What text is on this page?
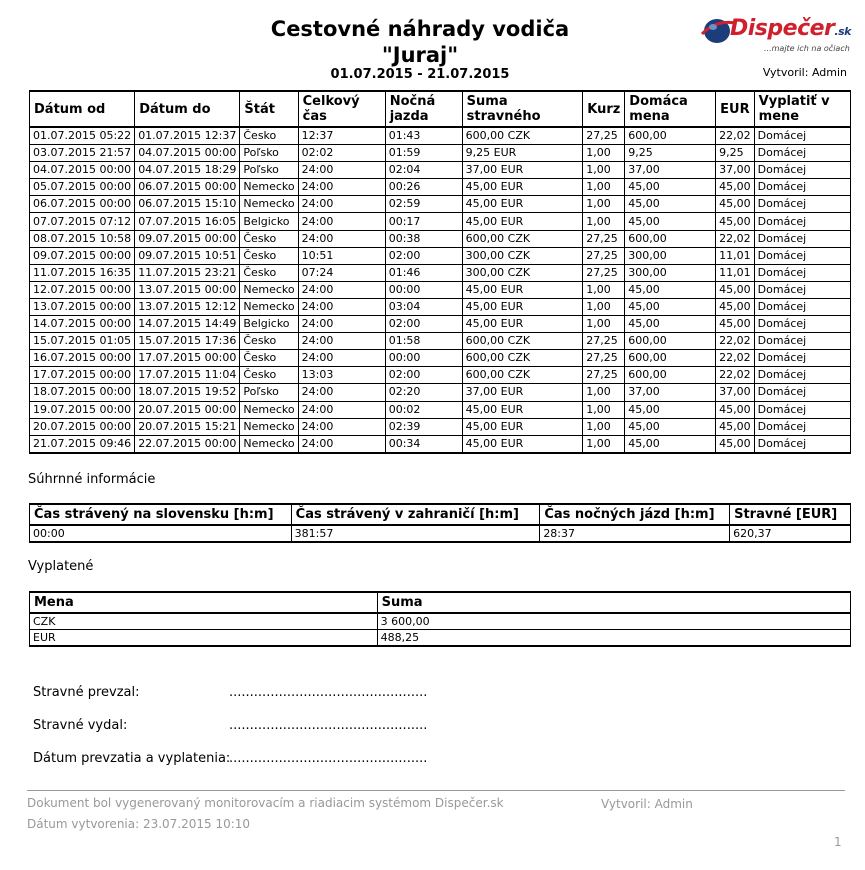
Cestovné náhrady vodiča
"Juraj"
01.07.2015 - 21.07.2015
Dispečer.sk
...majte ich na očiach
Vytvoril: Admin
Dátum od	Dátum do	Štát	Celkový čas	Nočná jazda	Suma stravného	Kurz	Domáca mena	EUR	Vyplatiť v mene
01.07.2015 05:22	01.07.2015 12:37	Česko	12:37	01:43	600,00 CZK	27,25	600,00	22,02	Domácej
03.07.2015 21:57	04.07.2015 00:00	Poľsko	02:02	01:59	9,25 EUR	1,00	9,25	9,25	Domácej
04.07.2015 00:00	04.07.2015 18:29	Poľsko	24:00	02:04	37,00 EUR	1,00	37,00	37,00	Domácej
05.07.2015 00:00	06.07.2015 00:00	Nemecko	24:00	00:26	45,00 EUR	1,00	45,00	45,00	Domácej
06.07.2015 00:00	06.07.2015 15:10	Nemecko	24:00	02:59	45,00 EUR	1,00	45,00	45,00	Domácej
07.07.2015 07:12	07.07.2015 16:05	Belgicko	24:00	00:17	45,00 EUR	1,00	45,00	45,00	Domácej
08.07.2015 10:58	09.07.2015 00:00	Česko	24:00	00:38	600,00 CZK	27,25	600,00	22,02	Domácej
09.07.2015 00:00	09.07.2015 10:51	Česko	10:51	02:00	300,00 CZK	27,25	300,00	11,01	Domácej
11.07.2015 16:35	11.07.2015 23:21	Česko	07:24	01:46	300,00 CZK	27,25	300,00	11,01	Domácej
12.07.2015 00:00	13.07.2015 00:00	Nemecko	24:00	00:00	45,00 EUR	1,00	45,00	45,00	Domácej
13.07.2015 00:00	13.07.2015 12:12	Nemecko	24:00	03:04	45,00 EUR	1,00	45,00	45,00	Domácej
14.07.2015 00:00	14.07.2015 14:49	Belgicko	24:00	02:00	45,00 EUR	1,00	45,00	45,00	Domácej
15.07.2015 01:05	15.07.2015 17:36	Česko	24:00	01:58	600,00 CZK	27,25	600,00	22,02	Domácej
16.07.2015 00:00	17.07.2015 00:00	Česko	24:00	00:00	600,00 CZK	27,25	600,00	22,02	Domácej
17.07.2015 00:00	17.07.2015 11:04	Česko	13:03	02:00	600,00 CZK	27,25	600,00	22,02	Domácej
18.07.2015 00:00	18.07.2015 19:52	Poľsko	24:00	02:20	37,00 EUR	1,00	37,00	37,00	Domácej
19.07.2015 00:00	20.07.2015 00:00	Nemecko	24:00	00:02	45,00 EUR	1,00	45,00	45,00	Domácej
20.07.2015 00:00	20.07.2015 15:21	Nemecko	24:00	02:39	45,00 EUR	1,00	45,00	45,00	Domácej
21.07.2015 09:46	22.07.2015 00:00	Nemecko	24:00	00:34	45,00 EUR	1,00	45,00	45,00	Domácej
Súhrnné informácie
Čas strávený na slovensku [h:m]	Čas strávený v zahraničí [h:m]	Čas nočných jázd [h:m]	Stravné [EUR]
00:00	381:57	28:37	620,37
Vyplatené
Mena	Suma
CZK	3 600,00
EUR	488,25
Stravné prevzal:	................................................
Stravné vydal:	................................................
Dátum prevzatia a vyplatenia:
................................................
Dokument bol vygenerovaný monitorovacím a riadiacim systémom Dispečer.sk
Dátum vytvorenia: 23.07.2015 10:10
Vytvoril: Admin
1
